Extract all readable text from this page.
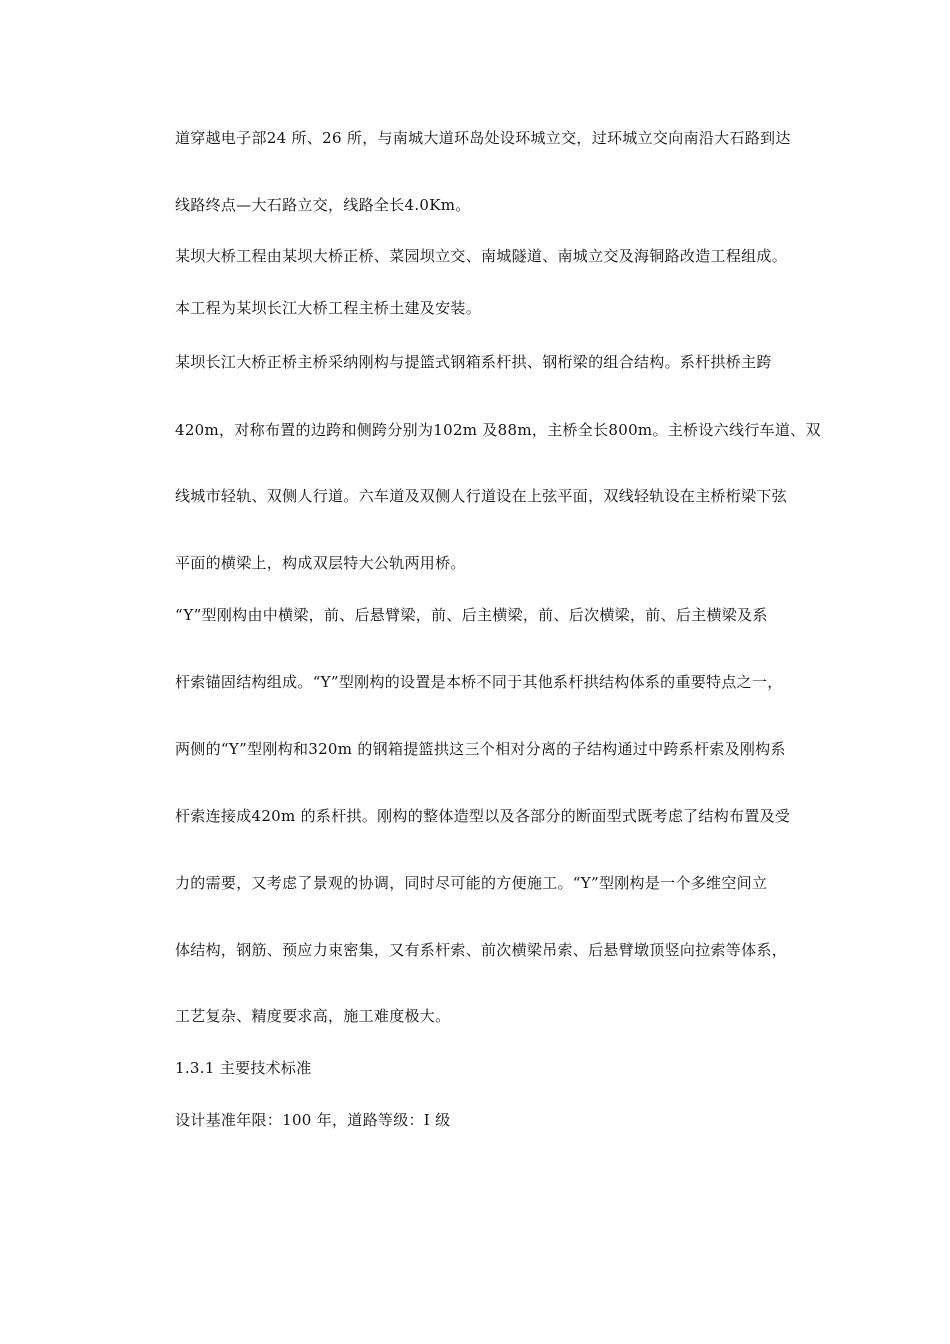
道穿越电子部24 所、26 所，与南城大道环岛处设环城立交，过环城立交向南沿大石路到达
线路终点—大石路立交，线路全长4.0Km。
某坝大桥工程由某坝大桥正桥、菜园坝立交、南城隧道、南城立交及海铜路改造工程组成。
本工程为某坝长江大桥工程主桥土建及安装。
某坝长江大桥正桥主桥采纳刚构与提篮式钢箱系杆拱、钢桁梁的组合结构。系杆拱桥主跨
420m，对称布置的边跨和侧跨分别为102m 及88m，主桥全长800m。主桥设六线行车道、双
线城市轻轨、双侧人行道。六车道及双侧人行道设在上弦平面，双线轻轨设在主桥桁梁下弦
平面的横梁上，构成双层特大公轨两用桥。
“Y”型刚构由中横梁，前、后悬臂梁，前、后主横梁，前、后次横梁，前、后主横梁及系
杆索锚固结构组成。“Y”型刚构的设置是本桥不同于其他系杆拱结构体系的重要特点之一，
两侧的“Y”型刚构和320m 的钢箱提篮拱这三个相对分离的子结构通过中跨系杆索及刚构系
杆索连接成420m 的系杆拱。刚构的整体造型以及各部分的断面型式既考虑了结构布置及受
力的需要，又考虑了景观的协调，同时尽可能的方便施工。“Y”型刚构是一个多维空间立
体结构，钢筋、预应力束密集，又有系杆索、前次横梁吊索、后悬臂墩顶竖向拉索等体系，
工艺复杂、精度要求高，施工难度极大。
1.3.1 主要技术标准
设计基准年限：100 年，道路等级：I 级
